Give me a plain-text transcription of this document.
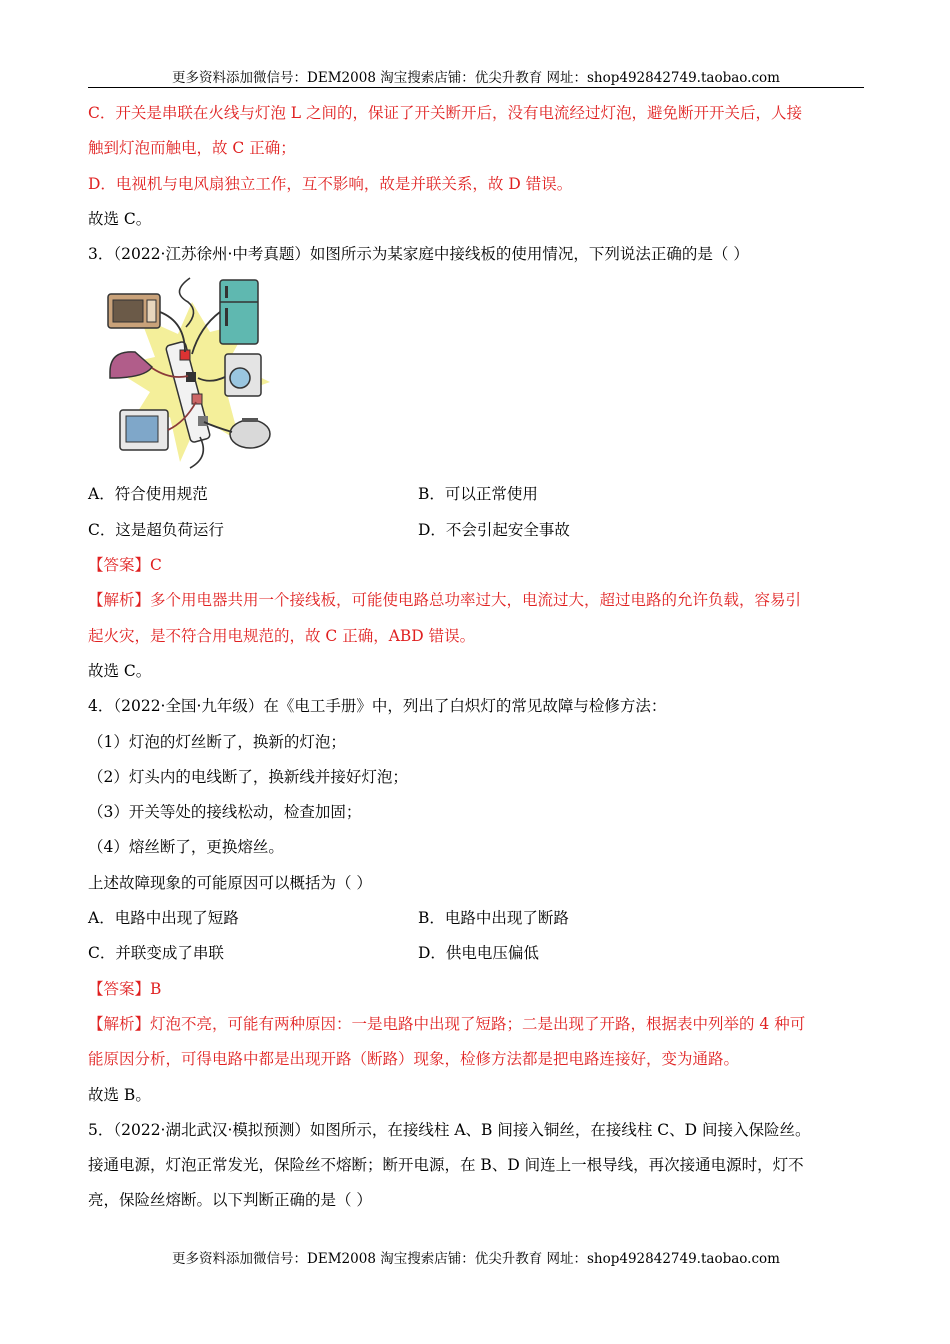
更多资料添加微信号：DEM2008 淘宝搜索店铺：优尖升教育 网址：shop492842749.taobao.com
C．开关是串联在火线与灯泡 L 之间的，保证了开关断开后，没有电流经过灯泡，避免断开开关后，人接
触到灯泡而触电，故 C 正确；
D．电视机与电风扇独立工作，互不影响，故是并联关系，故 D 错误。
故选 C。
3．（2022·江苏徐州·中考真题）如图所示为某家庭中接线板的使用情况，下列说法正确的是（ ）
A．符合使用规范	B．可以正常使用
C．这是超负荷运行	D．不会引起安全事故
【答案】C
【解析】多个用电器共用一个接线板，可能使电路总功率过大，电流过大，超过电路的允许负载，容易引
起火灾，是不符合用电规范的，故 C 正确，ABD 错误。
故选 C。
4．（2022·全国·九年级）在《电工手册》中，列出了白炽灯的常见故障与检修方法：
（1）灯泡的灯丝断了，换新的灯泡；
（2）灯头内的电线断了，换新线并接好灯泡；
（3）开关等处的接线松动，检查加固；
（4）熔丝断了，更换熔丝。
上述故障现象的可能原因可以概括为（ ）
A．电路中出现了短路	B．电路中出现了断路
C．并联变成了串联	D．供电电压偏低
【答案】B
【解析】灯泡不亮，可能有两种原因：一是电路中出现了短路；二是出现了开路，根据表中列举的 4 种可
能原因分析，可得电路中都是出现开路（断路）现象，检修方法都是把电路连接好，变为通路。
故选 B。
5．（2022·湖北武汉·模拟预测）如图所示，在接线柱 A、B 间接入铜丝，在接线柱 C、D 间接入保险丝。
接通电源，灯泡正常发光，保险丝不熔断；断开电源，在 B、D 间连上一根导线，再次接通电源时，灯不
亮，保险丝熔断。以下判断正确的是（ ）
更多资料添加微信号：DEM2008 淘宝搜索店铺：优尖升教育 网址：shop492842749.taobao.com
